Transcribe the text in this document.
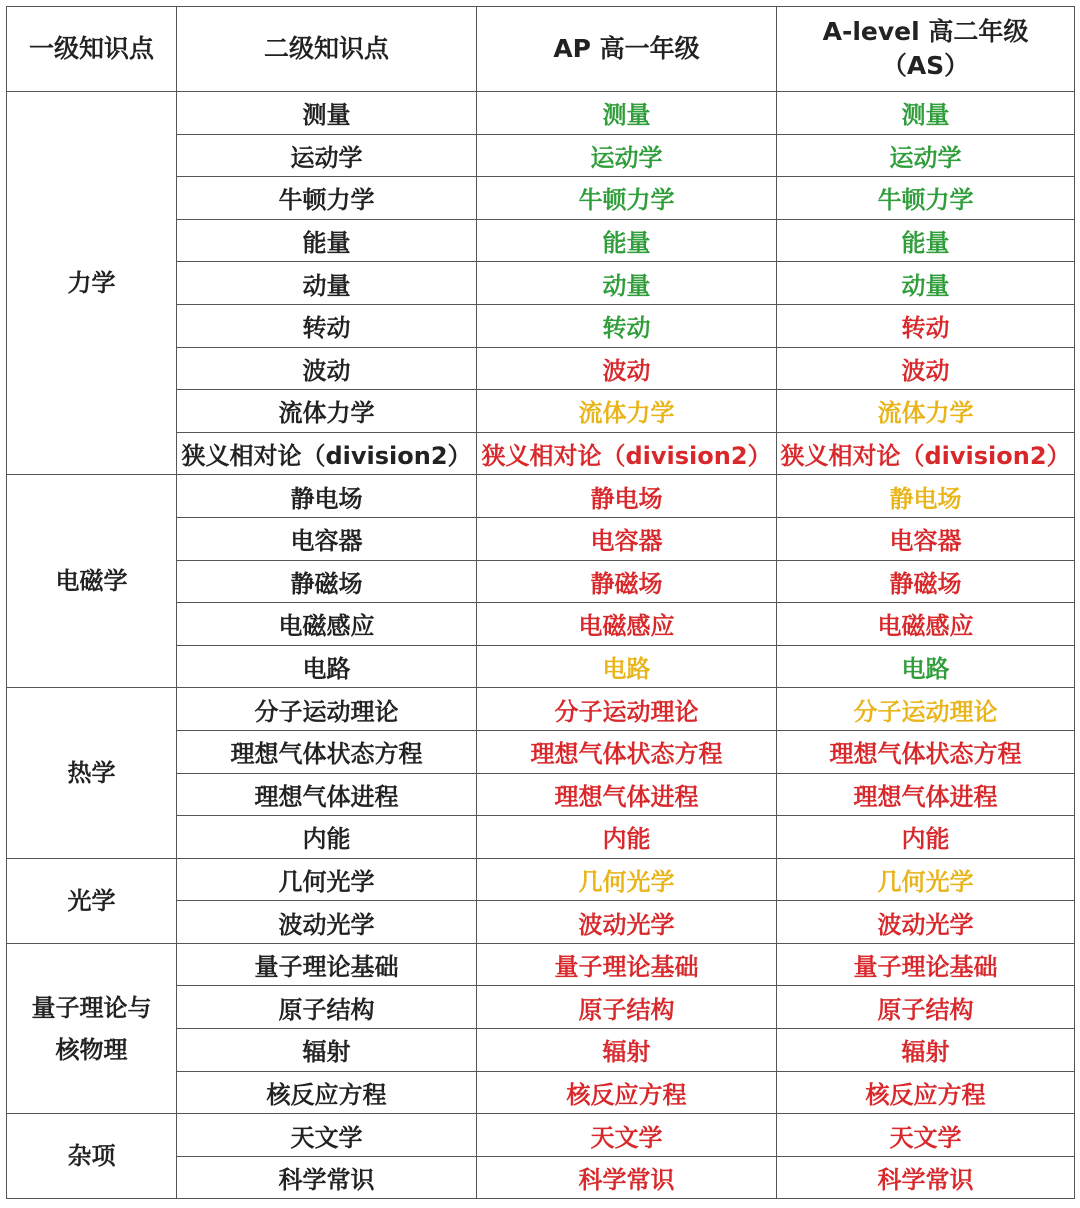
一级知识点	二级知识点	AP 高一年级	A-level 高二年级
（AS）

力学	测量	测量	测量
	运动学	运动学	运动学
	牛顿力学	牛顿力学	牛顿力学
	能量	能量	能量
	动量	动量	动量
	转动	转动	转动
	波动	波动	波动
	流体力学	流体力学	流体力学
	狭义相对论（division2）	狭义相对论（division2）	狭义相对论（division2）

电磁学	静电场	静电场	静电场
	电容器	电容器	电容器
	静磁场	静磁场	静磁场
	电磁感应	电磁感应	电磁感应
	电路	电路	电路

热学	分子运动理论	分子运动理论	分子运动理论
	理想气体状态方程	理想气体状态方程	理想气体状态方程
	理想气体进程	理想气体进程	理想气体进程
	内能	内能	内能

光学	几何光学	几何光学	几何光学
	波动光学	波动光学	波动光学

量子理论与
核物理	量子理论基础	量子理论基础	量子理论基础
	原子结构	原子结构	原子结构
	辐射	辐射	辐射
	核反应方程	核反应方程	核反应方程

杂项	天文学	天文学	天文学
	科学常识	科学常识	科学常识
